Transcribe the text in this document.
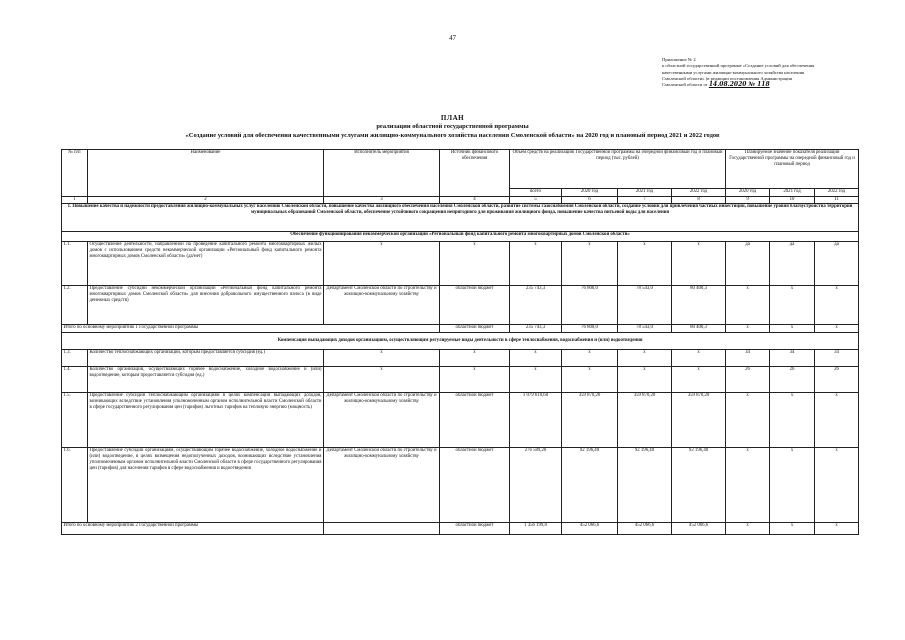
47
Приложение № 2
к областной государственной программе «Создание условий для обеспечения
качественными услугами жилищно-коммунального хозяйства населения
Смоленской области» (в редакции постановления Администрации
Смоленской области от 14.08.2020 № 118
ПЛАН
реализации областной государственной программы
«Создание условий для обеспечения качественными услугами жилищно-коммунального хозяйства населения Смоленской области» на 2020 год и плановый период 2021 и 2022 годов
№ п/п	Наименование	Исполнитель мероприятия	Источник финансового обеспечения	Объем средств на реализацию Государственной программы на очередной финансовый год и плановый период (тыс. рублей)				Планируемое значение показателя реализации Государственной программы на очередной финансовый год и плановый период		
				всего	2020 год	2021 год	2022 год	2020 год	2021 год	2022 год
1	2	3	4	5	6	7	8	9	10	11
1. Повышение качества и надежности предоставления жилищно-коммунальных услуг населению Смоленской области, повышение качества жилищного обеспечения населения Смоленской области, развитие системы газоснабжения Смоленской области, создание условий для привлечения частных инвестиций, повышение уровня благоустройства территорий муниципальных образований Смоленской области, обеспечение устойчивого сокращения непригодного для проживания жилищного фонда, повышение качества питьевой воды для населения										
Обеспечение функционирования некоммерческой организации «Региональный фонд капитального ремонта многоквартирных домов Смоленской области»										
1.1.	Осуществление деятельности, направленной на проведение капитального ремонта многоквартирных жилых домов с использованием средств некоммерческой организации «Региональный фонд капитального ремонта многоквартирных домов Смоленской области» (да/нет)	х	х	х	х	х	х	да	да	да
1.2.	Предоставление субсидии некоммерческой организации «Региональный фонд капитального ремонта многоквартирных домов Смоленской области» для внесения добровольного имущественного взноса (в виде денежных средств)	Департамент Смоленской области по строительству и жилищно-коммунальному хозяйству	областной бюджет	235 743,3	76 800,0	78 543,0	80 400,3	х	х	х
Итого по основному мероприятию 1 Государственной программы			областной бюджет	235 743,3	76 800,0	78 543,0	80 400,3	х	х	х
Компенсация выпадающих доходов организациям, осуществляющим регулируемые виды деятельности в сфере теплоснабжения, водоснабжения и (или) водоотведения										
1.3.	Количество теплоснабжающих организаций, которым предоставляется субсидия (ед.)	х	х	х	х	х	х	34	34	34
1.4.	Количество организаций, осуществляющих горячее водоснабжение, холодное водоснабжение и (или) водоотведение, которым предоставляется субсидия (ед.)	х	х	х	х	х	х	26	26	26
1.5.	Предоставление субсидий теплоснабжающим организациям в целях компенсации выпадающих доходов, возникающих вследствие установления уполномоченным органом исполнительной власти Смоленской области в сфере государственного регулирования цен (тарифов) льготных тарифов на тепловую энергию (мощность)	Департамент Смоленской области по строительству и жилищно-коммунальному хозяйству	областной бюджет	1 079 610,60	359 870,20	359 870,20	359 870,20	х	х	х
1.6.	Предоставление субсидий организациям, осуществляющим горячее водоснабжение, холодное водоснабжение и (или) водоотведение, в целях возмещения недополученных доходов, возникающих вследствие установления уполномоченным органом исполнительной власти Смоленской области в сфере государственного регулирования цен (тарифов) для населения тарифов в сфере водоснабжения и водоотведения	Департамент Смоленской области по строительству и жилищно-коммунальному хозяйству	областной бюджет	276 589,20	92 196,40	92 196,40	92 196,40	х	х	х
Итого по основному мероприятию 2 Государственной программы			областной бюджет	1 356 199,8	452 066,6	452 066,6	452 066,6	х	х	х
